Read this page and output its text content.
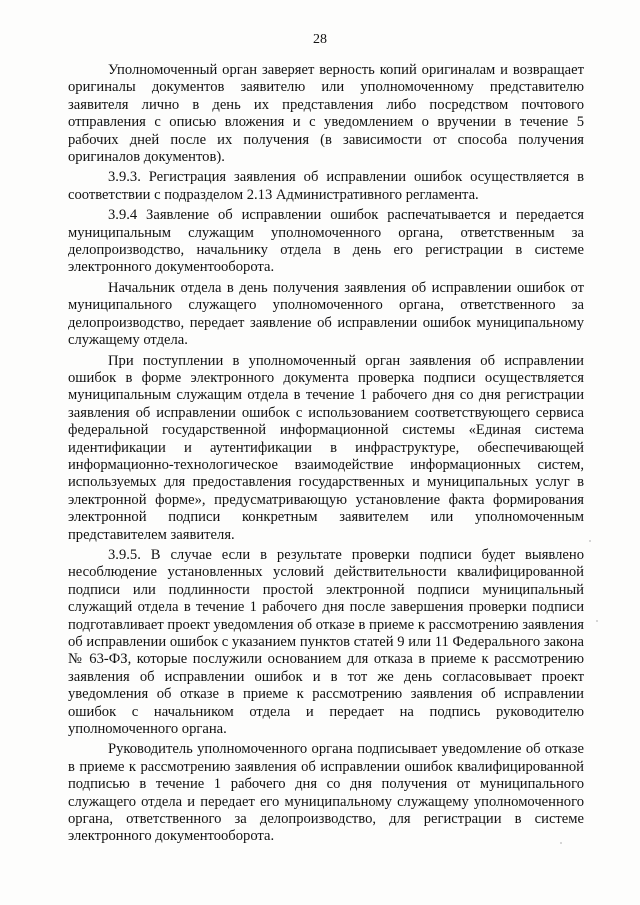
28

Уполномоченный орган заверяет верность копий оригиналам и возвращает оригиналы документов заявителю или уполномоченному представителю заявителя лично в день их представления либо посредством почтового отправления с описью вложения и с уведомлением о вручении в течение 5 рабочих дней после их получения (в зависимости от способа получения оригиналов документов).

3.9.3. Регистрация заявления об исправлении ошибок осуществляется в соответствии с подразделом 2.13 Административного регламента.

3.9.4 Заявление об исправлении ошибок распечатывается и передается муниципальным служащим уполномоченного органа, ответственным за делопроизводство, начальнику отдела в день его регистрации в системе электронного документооборота.

Начальник отдела в день получения заявления об исправлении ошибок от муниципального служащего уполномоченного органа, ответственного за делопроизводство, передает заявление об исправлении ошибок муниципальному служащему отдела.

При поступлении в уполномоченный орган заявления об исправлении ошибок в форме электронного документа проверка подписи осуществляется муниципальным служащим отдела в течение 1 рабочего дня со дня регистрации заявления об исправлении ошибок с использованием соответствующего сервиса федеральной государственной информационной системы «Единая система идентификации и аутентификации в инфраструктуре, обеспечивающей информационно-технологическое взаимодействие информационных систем, используемых для предоставления государственных и муниципальных услуг в электронной форме», предусматривающую установление факта формирования электронной подписи конкретным заявителем или уполномоченным представителем заявителя.

3.9.5. В случае если в результате проверки подписи будет выявлено несоблюдение установленных условий действительности квалифицированной подписи или подлинности простой электронной подписи муниципальный служащий отдела в течение 1 рабочего дня после завершения проверки подписи подготавливает проект уведомления об отказе в приеме к рассмотрению заявления об исправлении ошибок с указанием пунктов статей 9 или 11 Федерального закона № 63-ФЗ, которые послужили основанием для отказа в приеме к рассмотрению заявления об исправлении ошибок и в тот же день согласовывает проект уведомления об отказе в приеме к рассмотрению заявления об исправлении ошибок с начальником отдела и передает на подпись руководителю уполномоченного органа.

Руководитель уполномоченного органа подписывает уведомление об отказе в приеме к рассмотрению заявления об исправлении ошибок квалифицированной подписью в течение 1 рабочего дня со дня получения от муниципального служащего отдела и передает его муниципальному служащему уполномоченного органа, ответственного за делопроизводство, для регистрации в системе электронного документооборота.
